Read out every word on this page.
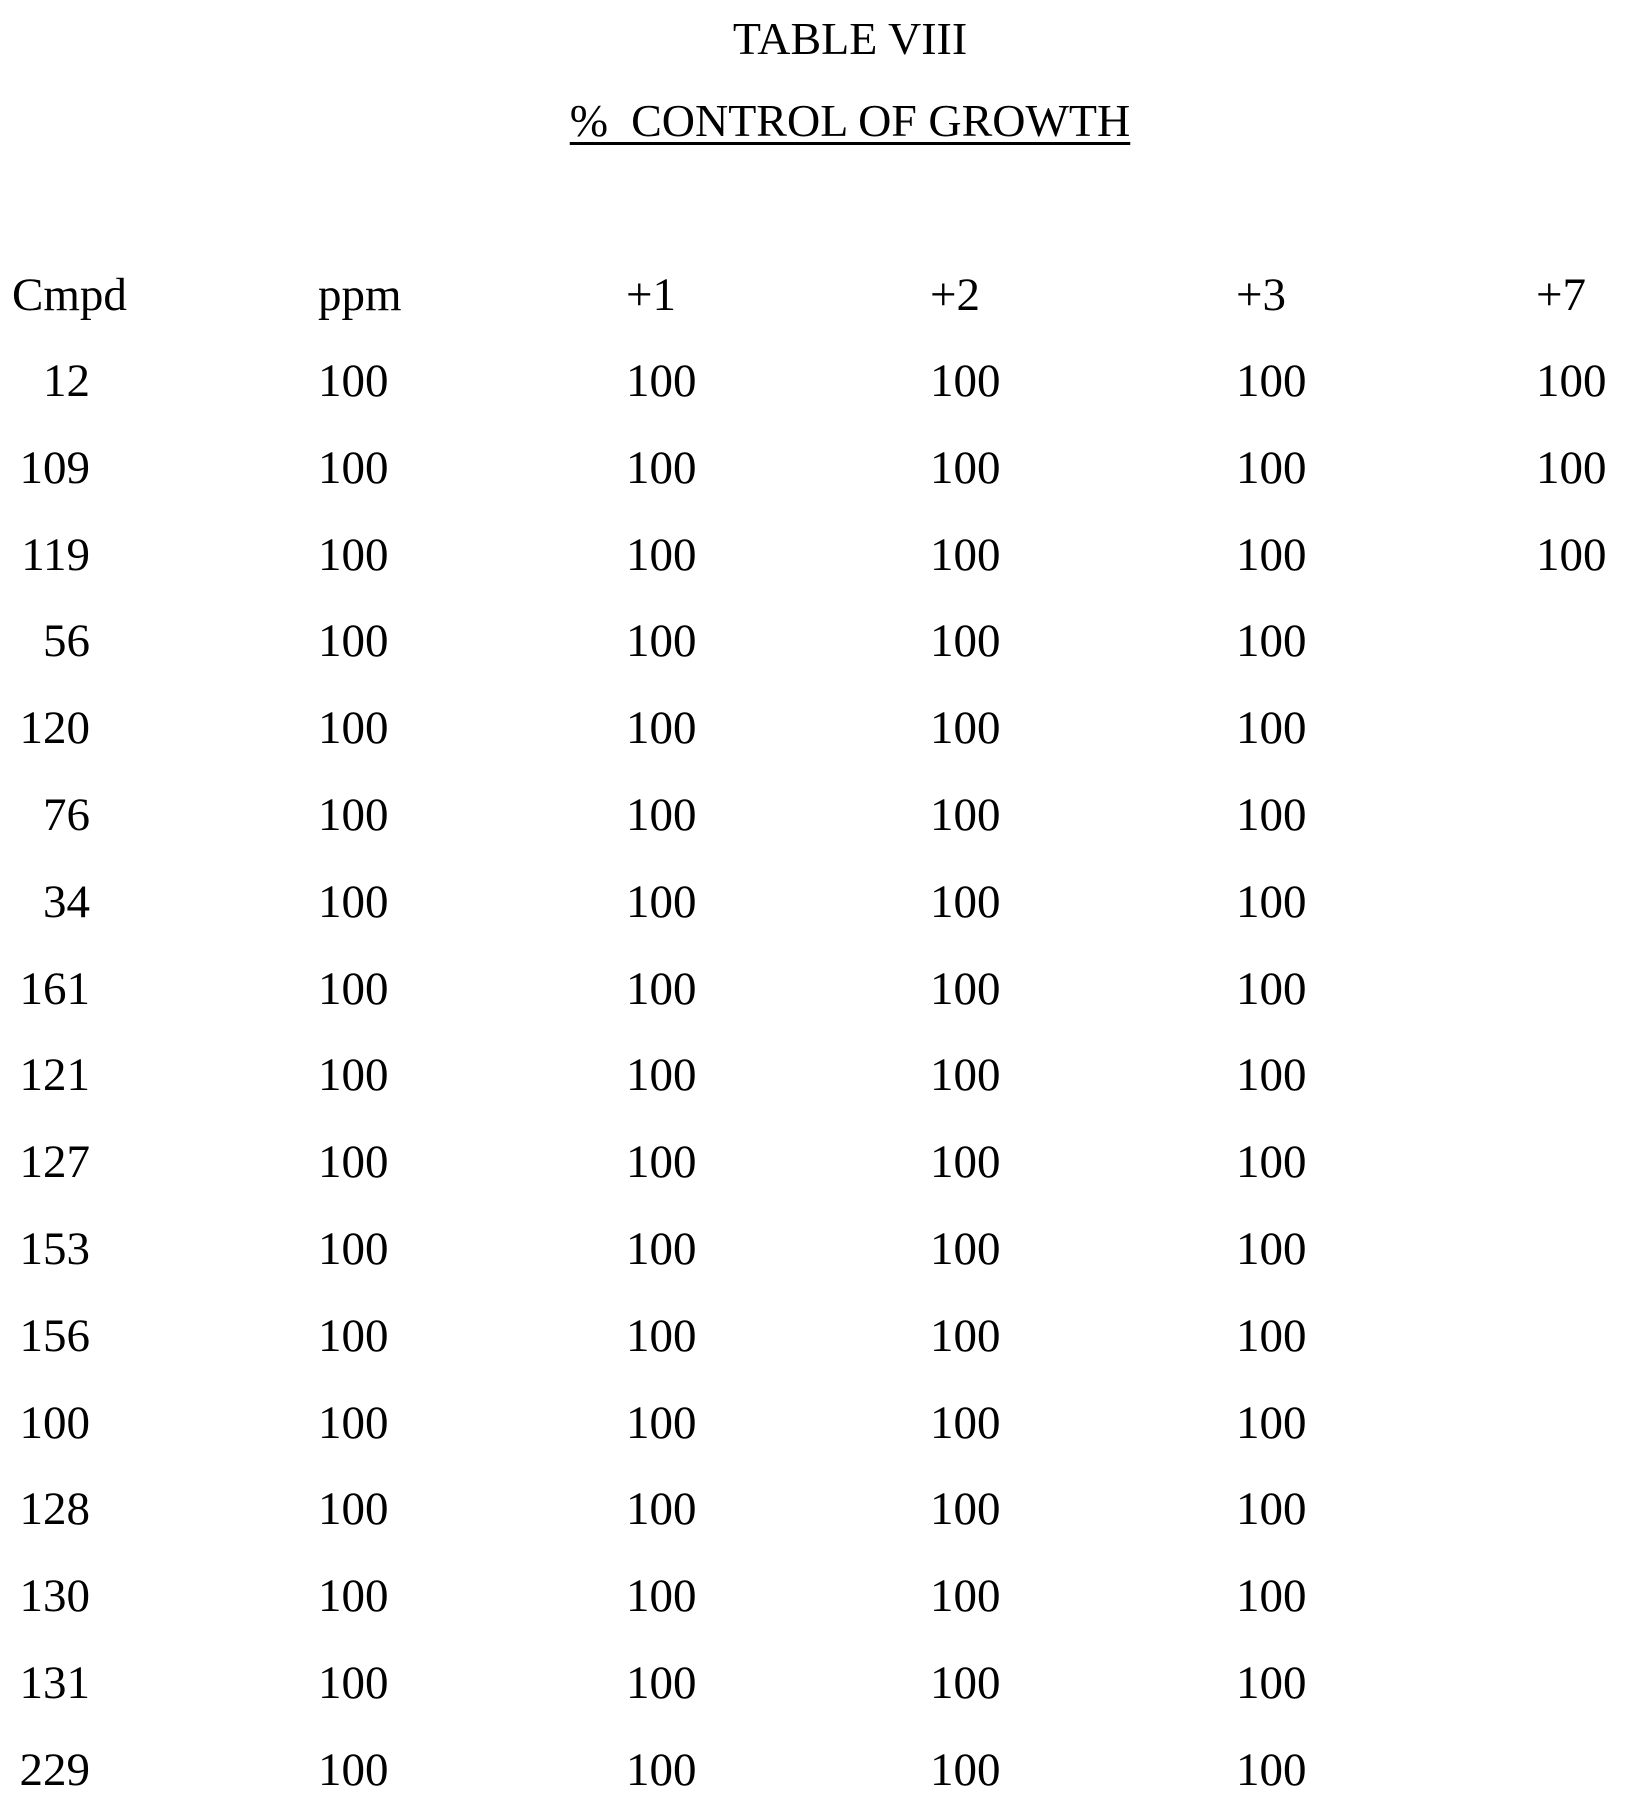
TABLE VIII
%  CONTROL OF GROWTH
Cmpd	ppm	+1	+2	+3	+7
12	100	100	100	100	100
109	100	100	100	100	100
119	100	100	100	100	100
56	100	100	100	100
120	100	100	100	100
76	100	100	100	100
34	100	100	100	100
161	100	100	100	100
121	100	100	100	100
127	100	100	100	100
153	100	100	100	100
156	100	100	100	100
100	100	100	100	100
128	100	100	100	100
130	100	100	100	100
131	100	100	100	100
229	100	100	100	100
